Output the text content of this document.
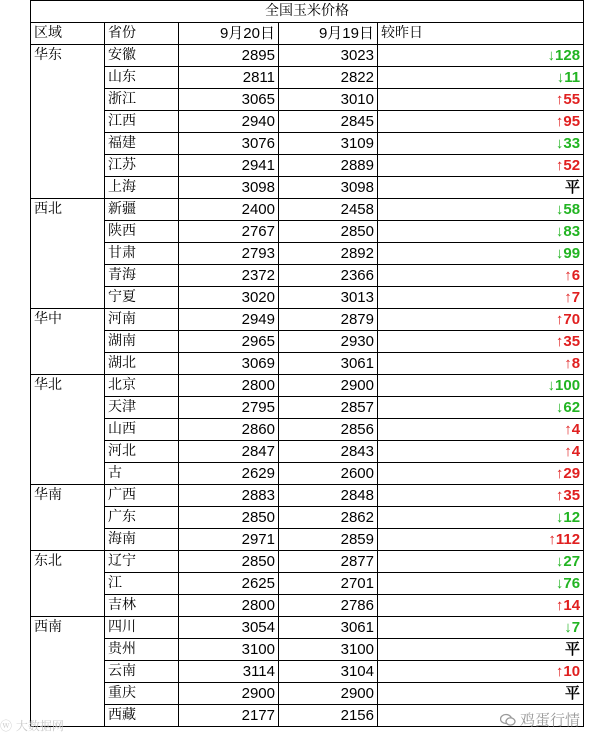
全国玉米价格				
区域	省份	9月20日	9月19日	较昨日
华东	安徽	2895	3023	↓128
	山东	2811	2822	↓11
	浙江	3065	3010	↑55
	江西	2940	2845	↑95
	福建	3076	3109	↓33
	江苏	2941	2889	↑52
	上海	3098	3098	平
西北	新疆	2400	2458	↓58
	陕西	2767	2850	↓83
	甘肃	2793	2892	↓99
	青海	2372	2366	↑6
	宁夏	3020	3013	↑7
华中	河南	2949	2879	↑70
	湖南	2965	2930	↑35
	湖北	3069	3061	↑8
华北	北京	2800	2900	↓100
	天津	2795	2857	↓62
	山西	2860	2856	↑4
	河北	2847	2843	↑4
	古	2629	2600	↑29
华南	广西	2883	2848	↑35
	广东	2850	2862	↓12
	海南	2971	2859	↑112
东北	辽宁	2850	2877	↓27
	江	2625	2701	↓76
	吉林	2800	2786	↑14
西南	四川	3054	3061	↓7
	贵州	3100	3100	平
	云南	3114	3104	↑10
	重庆	2900	2900	平
	西藏	2177	2156	
ⓦ 大数据网	鸡蛋行情
